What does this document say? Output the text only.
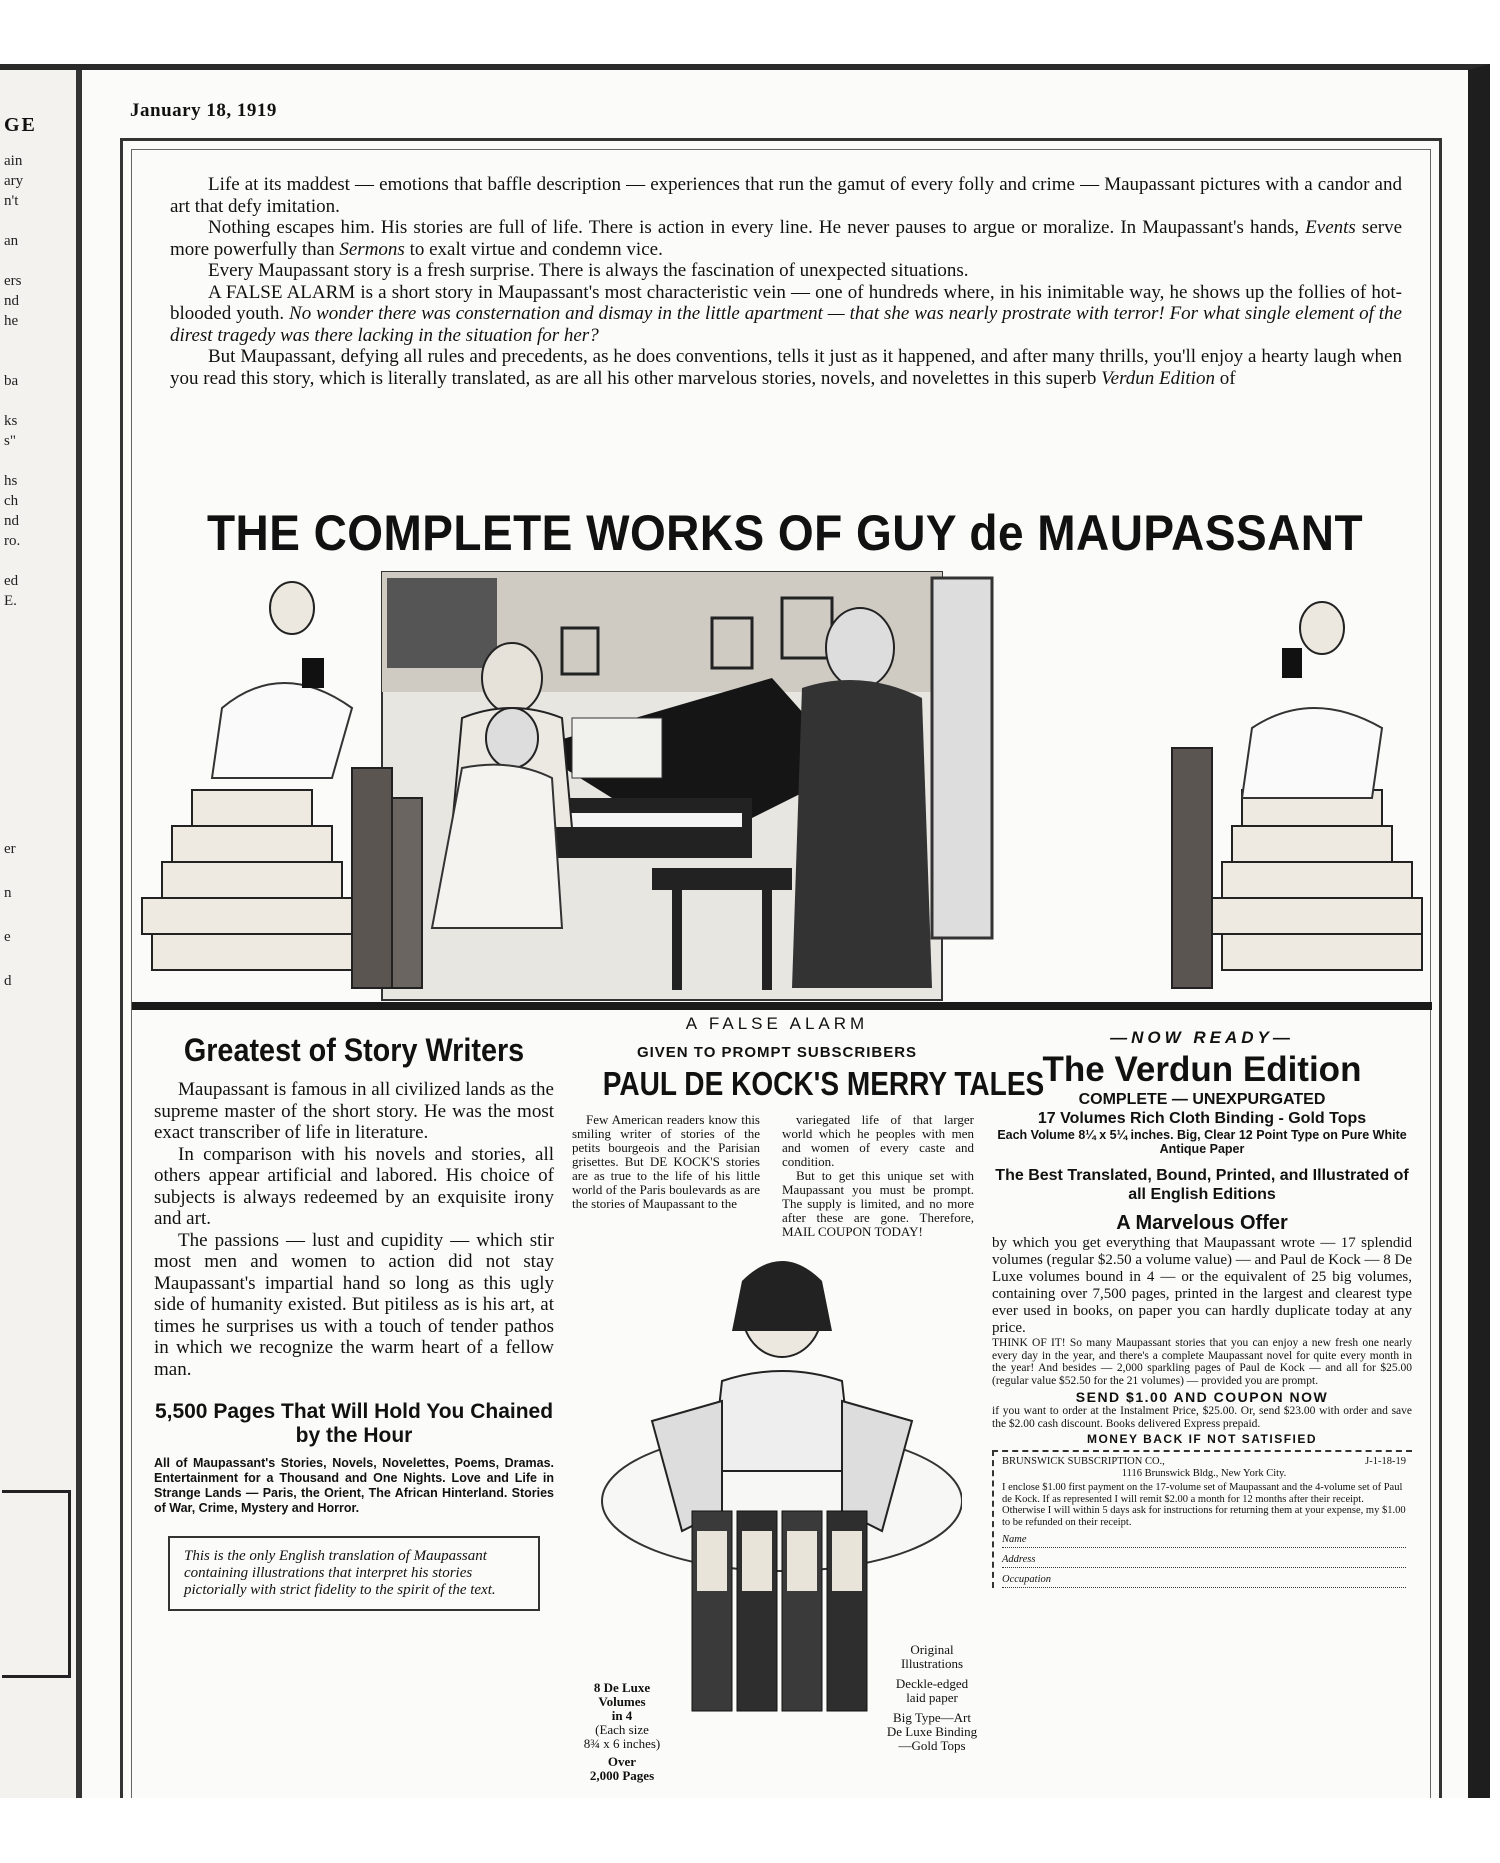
GE
ain
ary
n't
an
ers
nd
he
ba
ks
s"
hs
ch
nd
ro.
ed
E.
er
n
e
d
January 18, 1919

Life at its maddest — emotions that baffle description — experiences that run the gamut of every folly and crime — Maupassant pictures with a candor and art that defy imitation.

Nothing escapes him. His stories are full of life. There is action in every line. He never pauses to argue or moralize. In Maupassant's hands, Events serve more powerfully than Sermons to exalt virtue and condemn vice.

Every Maupassant story is a fresh surprise. There is always the fascination of unexpected situations.

A FALSE ALARM is a short story in Maupassant's most characteristic vein — one of hundreds where, in his inimitable way, he shows up the follies of hot-blooded youth. No wonder there was consternation and dismay in the little apartment — that she was nearly prostrate with terror! For what single element of the direst tragedy was there lacking in the situation for her?

But Maupassant, defying all rules and precedents, as he does conventions, tells it just as it happened, and after many thrills, you'll enjoy a hearty laugh when you read this story, which is literally translated, as are all his other marvelous stories, novels, and novelettes in this superb Verdun Edition of

THE COMPLETE WORKS OF GUY de MAUPASSANT
Greatest of Story Writers

Maupassant is famous in all civilized lands as the supreme master of the short story. He was the most exact transcriber of life in literature.

In comparison with his novels and stories, all others appear artificial and labored. His choice of subjects is always redeemed by an exquisite irony and art.

The passions — lust and cupidity — which stir most men and women to action did not stay Maupassant's impartial hand so long as this ugly side of humanity existed. But pitiless as is his art, at times he surprises us with a touch of tender pathos in which we recognize the warm heart of a fellow man.

5,500 Pages That Will Hold You Chained by the Hour
All of Maupassant's Stories, Novels, Novelettes, Poems, Dramas. Entertainment for a Thousand and One Nights. Love and Life in Strange Lands — Paris, the Orient, The African Hinterland. Stories of War, Crime, Mystery and Horror.
This is the only English translation of Maupassant containing illustrations that interpret his stories pictorially with strict fidelity to the spirit of the text.
A FALSE ALARM
GIVEN TO PROMPT SUBSCRIBERS
PAUL DE KOCK'S MERRY TALES

Few American readers know this smiling writer of stories of the petits bourgeois and the Parisian grisettes. But DE KOCK'S stories are as true to the life of his little world of the Paris boulevards as are the stories of Maupassant to the

variegated life of that larger world which he peoples with men and women of every caste and condition.

But to get this unique set with Maupassant you must be prompt. The supply is limited, and no more after these are gone. Therefore, MAIL COUPON TODAY!

8 De Luxe
Volumes
in 4
(Each size
8¾ x 6 inches)
Over
2,000 Pages
Original
Illustrations
Deckle-edged
laid paper
Big Type—Art
De Luxe Binding—Gold Tops
—NOW READY—
The Verdun Edition
COMPLETE — UNEXPURGATED
17 Volumes Rich Cloth Binding - Gold Tops
Each Volume 8¼ x 5¼ inches. Big, Clear 12 Point Type on Pure White Antique Paper
The Best Translated, Bound, Printed, and Illustrated of all English Editions
A Marvelous Offer
by which you get everything that Maupassant wrote — 17 splendid volumes (regular $2.50 a volume value) — and Paul de Kock — 8 De Luxe volumes bound in 4 — or the equivalent of 25 big volumes, containing over 7,500 pages, printed in the largest and clearest type ever used in books, on paper you can hardly duplicate today at any price.
THINK OF IT! So many Maupassant stories that you can enjoy a new fresh one nearly every day in the year, and there's a complete Maupassant novel for quite every month in the year! And besides — 2,000 sparkling pages of Paul de Kock — and all for $25.00 (regular value $52.50 for the 21 volumes) — provided you are prompt.
SEND $1.00 AND COUPON NOW
if you want to order at the Instalment Price, $25.00. Or, send $23.00 with order and save the $2.00 cash discount. Books delivered Express prepaid.
MONEY BACK IF NOT SATISFIED
BRUNSWICK SUBSCRIPTION CO.,	J-1-18-19
1116 Brunswick Bldg., New York City.
I enclose $1.00 first payment on the 17-volume set of Maupassant and the 4-volume set of Paul de Kock. If as represented I will remit $2.00 a month for 12 months after their receipt. Otherwise I will within 5 days ask for instructions for returning them at your expense, my $1.00 to be refunded on their receipt.
Name
Address
Occupation
comicbooks.com
